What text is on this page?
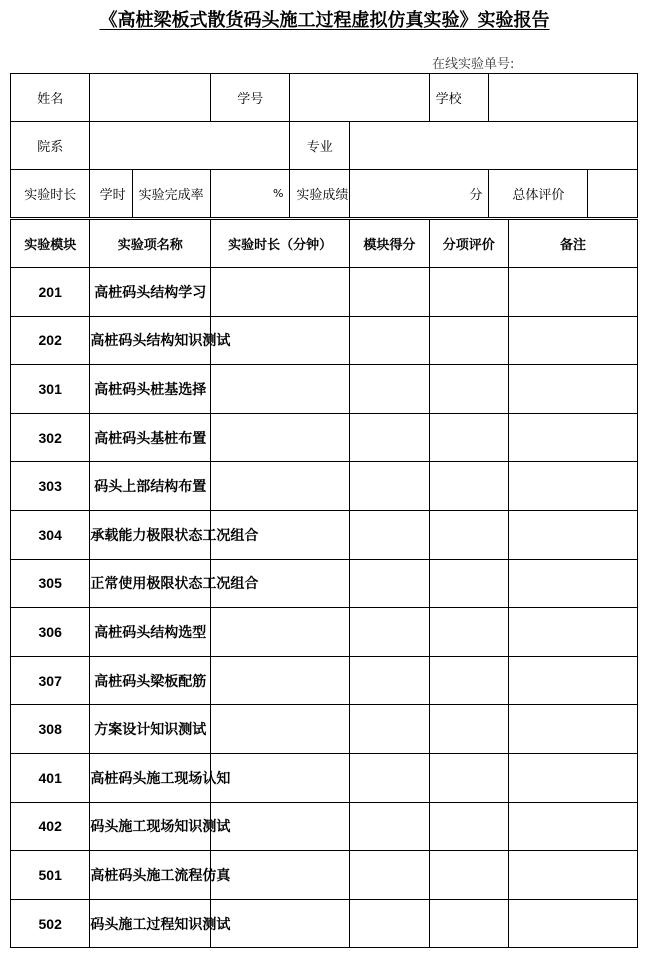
《高桩梁板式散货码头施工过程虚拟仿真实验》实验报告
在线实验单号:
姓名			学号			学校			
院系				专业					
实验时长	学时	实验完成率	%	实验成绩	分		总体评价		
实验模块	实验项名称		实验时长（分钟）		模块得分	分项评价		备注	
201	高桩码头结构学习								
202	高桩码头结构知识测试								
301	高桩码头桩基选择								
302	高桩码头基桩布置								
303	码头上部结构布置								
304	承载能力极限状态工况组合								
305	正常使用极限状态工况组合								
306	高桩码头结构选型								
307	高桩码头梁板配筋								
308	方案设计知识测试								
401	高桩码头施工现场认知								
402	码头施工现场知识测试								
501	高桩码头施工流程仿真								
502	码头施工过程知识测试								
